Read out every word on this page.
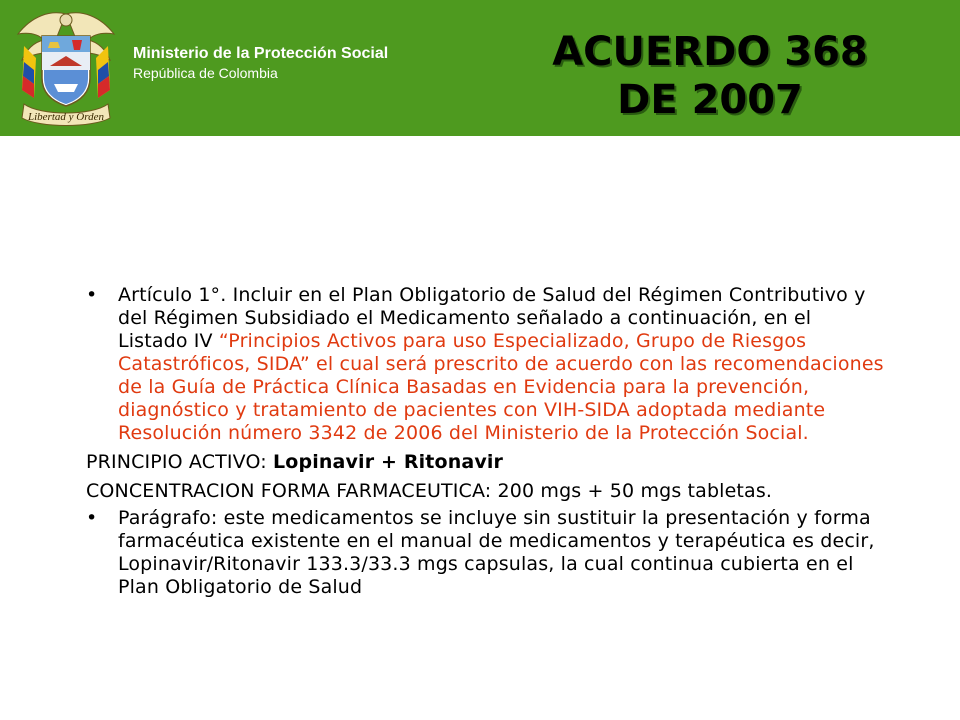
Libertad y Orden
Ministerio de la Protección Social
República de Colombia	ACUERDO 368
DE 2007
• Artículo 1°. Incluir en el Plan Obligatorio de Salud del Régimen Contributivo y del Régimen Subsidiado el Medicamento señalado a continuación, en el Listado IV “Principios Activos para uso Especializado, Grupo de Riesgos Catastróficos, SIDA” el cual será prescrito de acuerdo con las recomendaciones de la Guía de Práctica Clínica Basadas en Evidencia para la prevención, diagnóstico y tratamiento de pacientes con VIH-SIDA adoptada mediante Resolución número 3342 de 2006 del Ministerio de la Protección Social.
PRINCIPIO ACTIVO: Lopinavir + Ritonavir
CONCENTRACION FORMA FARMACEUTICA: 200 mgs + 50 mgs tabletas.
• Parágrafo: este medicamentos se incluye sin sustituir la presentación y forma farmacéutica existente en el manual de medicamentos y terapéutica es decir, Lopinavir/Ritonavir 133.3/33.3 mgs capsulas, la cual continua cubierta en el Plan Obligatorio de Salud
